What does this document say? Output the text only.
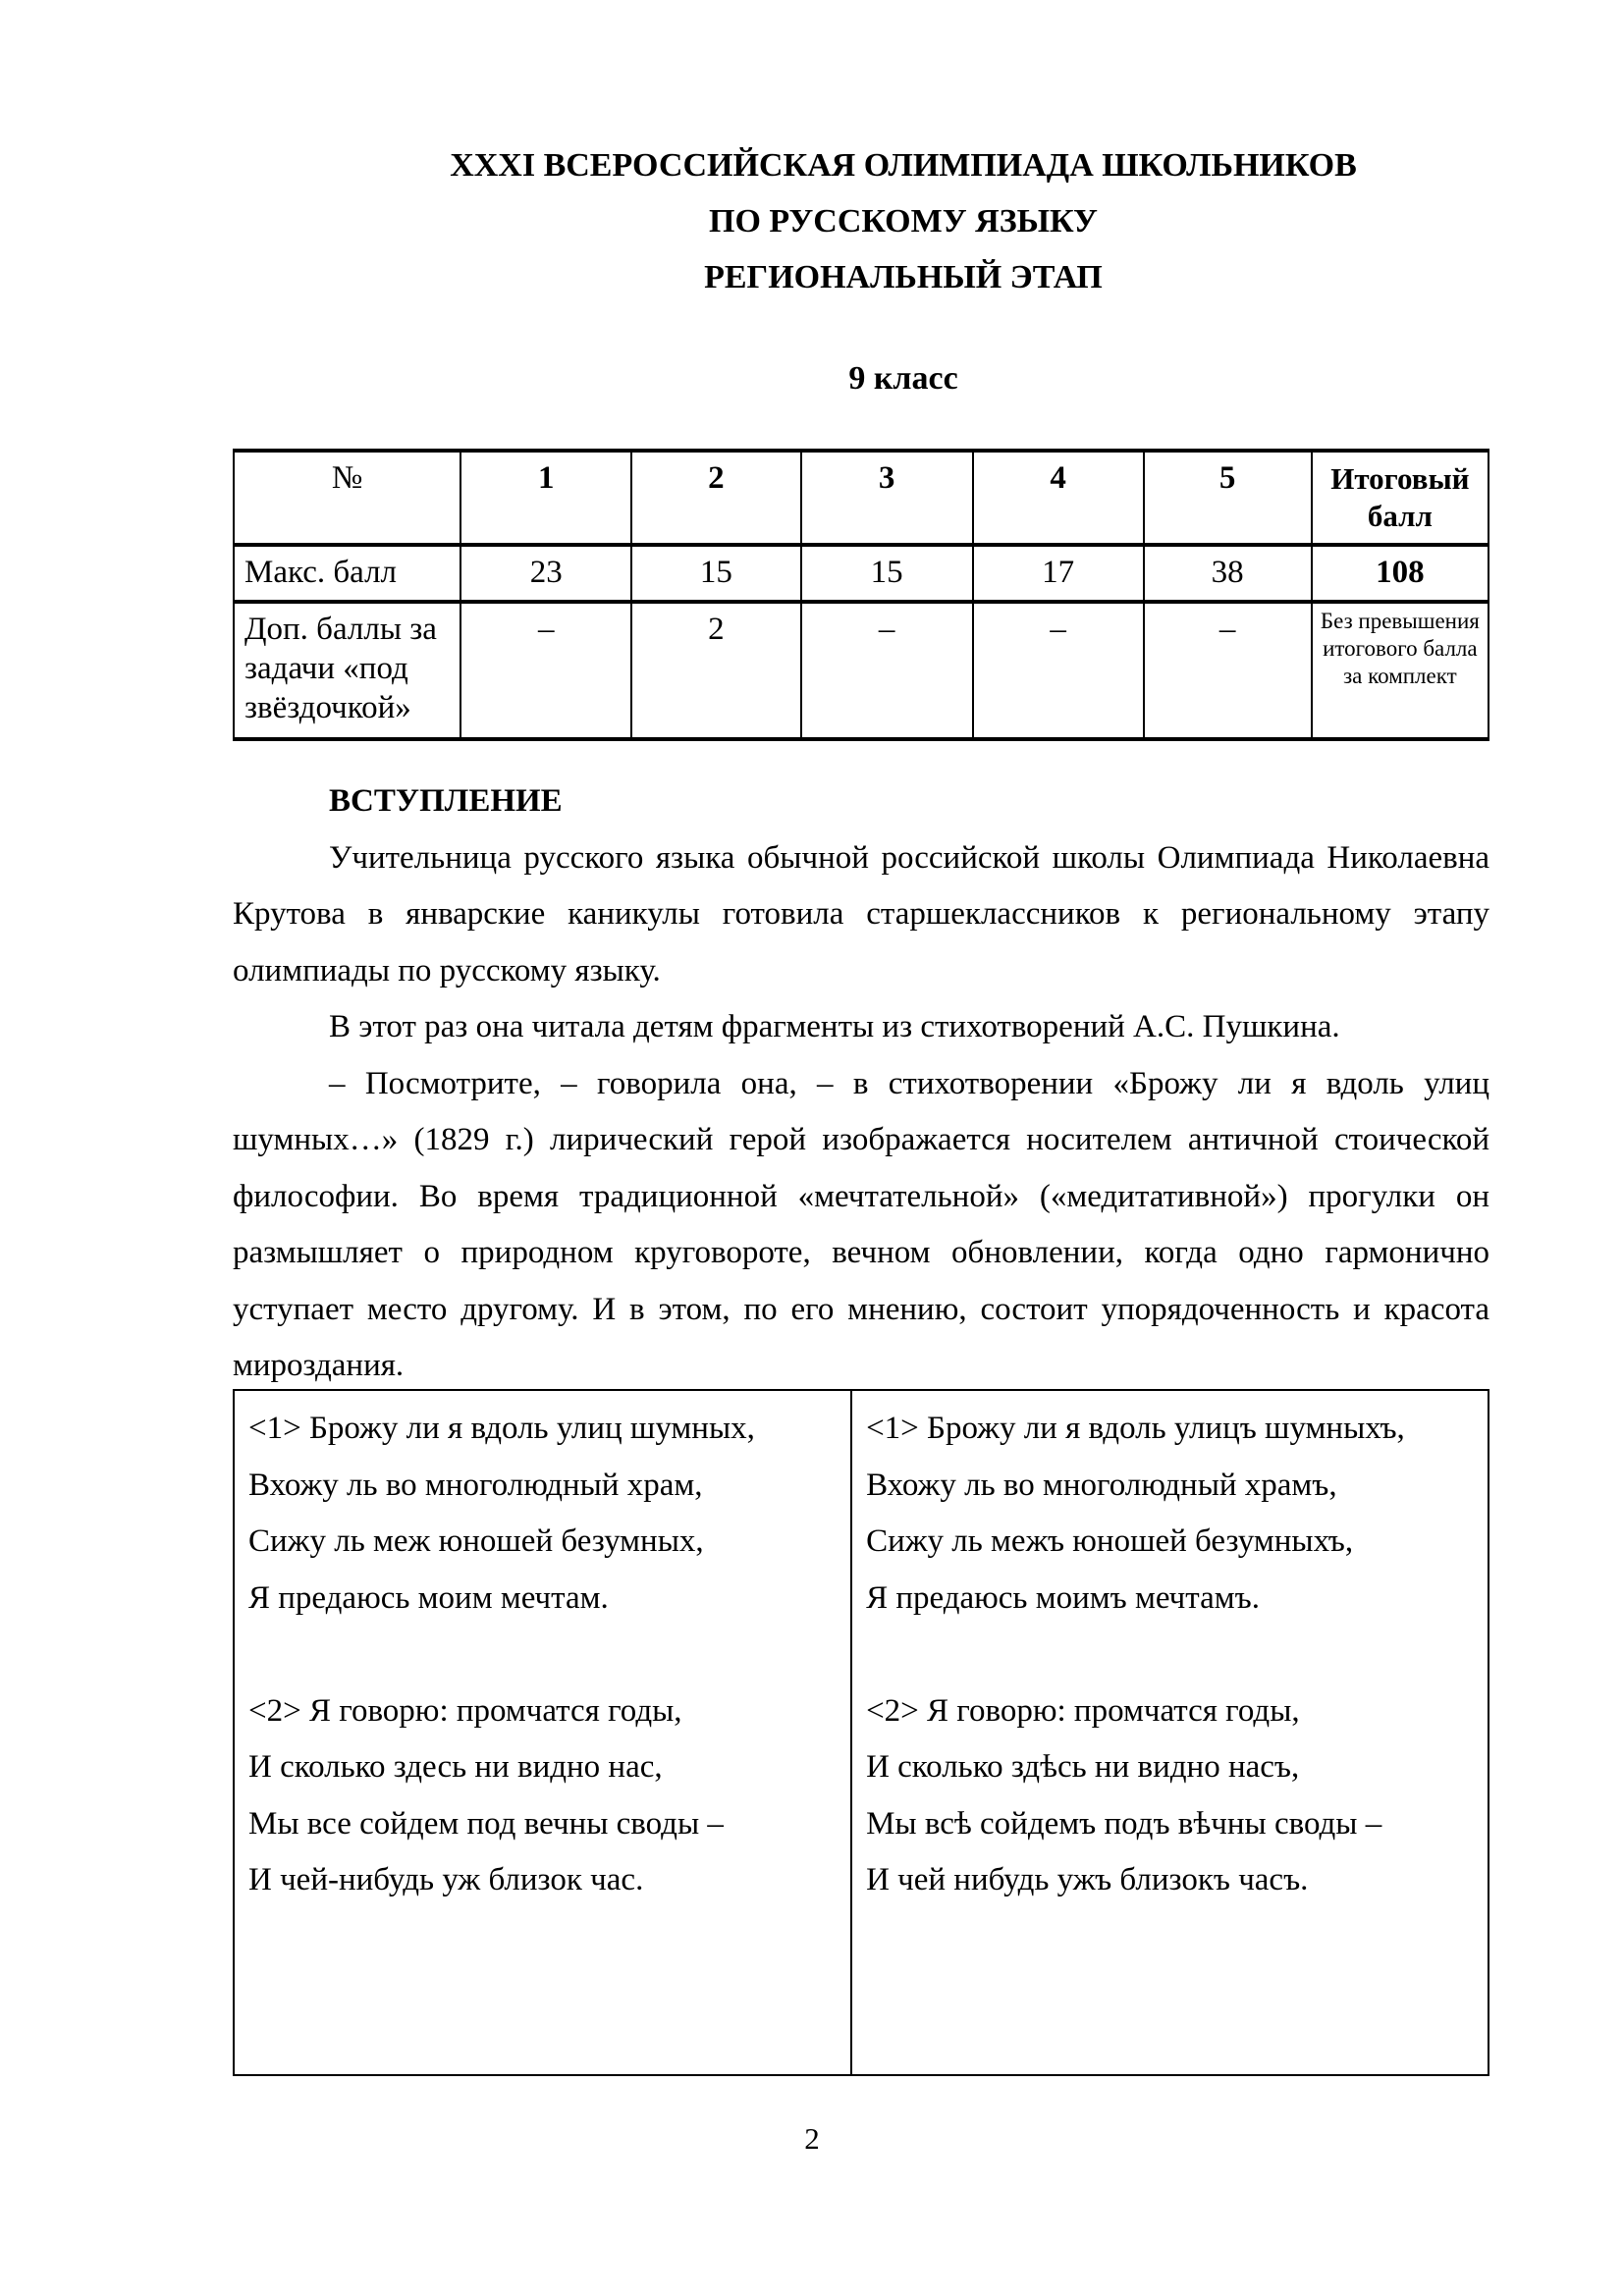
XXXI ВСЕРОССИЙСКАЯ ОЛИМПИАДА ШКОЛЬНИКОВ

ПО РУССКОМУ ЯЗЫКУ

РЕГИОНАЛЬНЫЙ ЭТАП

9 класс

№	1	2	3	4	5	Итоговый балл
Макс. балл	23	15	15	17	38	108
Доп. баллы за задачи «под звёздочкой»	–	2	–	–	–	Без превышения итогового балла за комплект

ВСТУПЛЕНИЕ

Учительница русского языка обычной российской школы Олимпиада Николаевна Крутова в январские каникулы готовила старшеклассников к региональному этапу олимпиады по русскому языку.

В этот раз она читала детям фрагменты из стихотворений А.С. Пушкина.

– Посмотрите, – говорила она, – в стихотворении «Брожу ли я вдоль улиц шумных…» (1829 г.) лирический герой изображается носителем античной стоической философии. Во время традиционной «мечтательной» («медитативной») прогулки он размышляет о природном круговороте, вечном обновлении, когда одно гармонично уступает место другому. И в этом, по его мнению, состоит упорядоченность и красота мироздания.

<1> Брожу ли я вдоль улиц шумных,

Вхожу ль во многолюдный храм,

Сижу ль меж юношей безумных,

Я предаюсь моим мечтам.

<2> Я говорю: промчатся годы,

И сколько здесь ни видно нас,

Мы все сойдем под вечны своды –

И чей-нибудь уж близок час.

<1> Брожу ли я вдоль улицъ шумныхъ,

Вхожу ль во многолюдный храмъ,

Сижу ль межъ юношей безумныхъ,

Я предаюсь моимъ мечтамъ.

<2> Я говорю: промчатся годы,

И сколько здѣсь ни видно насъ,

Мы всѣ сойдемъ подъ вѣчны своды –

И чей нибудь ужъ близокъ часъ.

2
